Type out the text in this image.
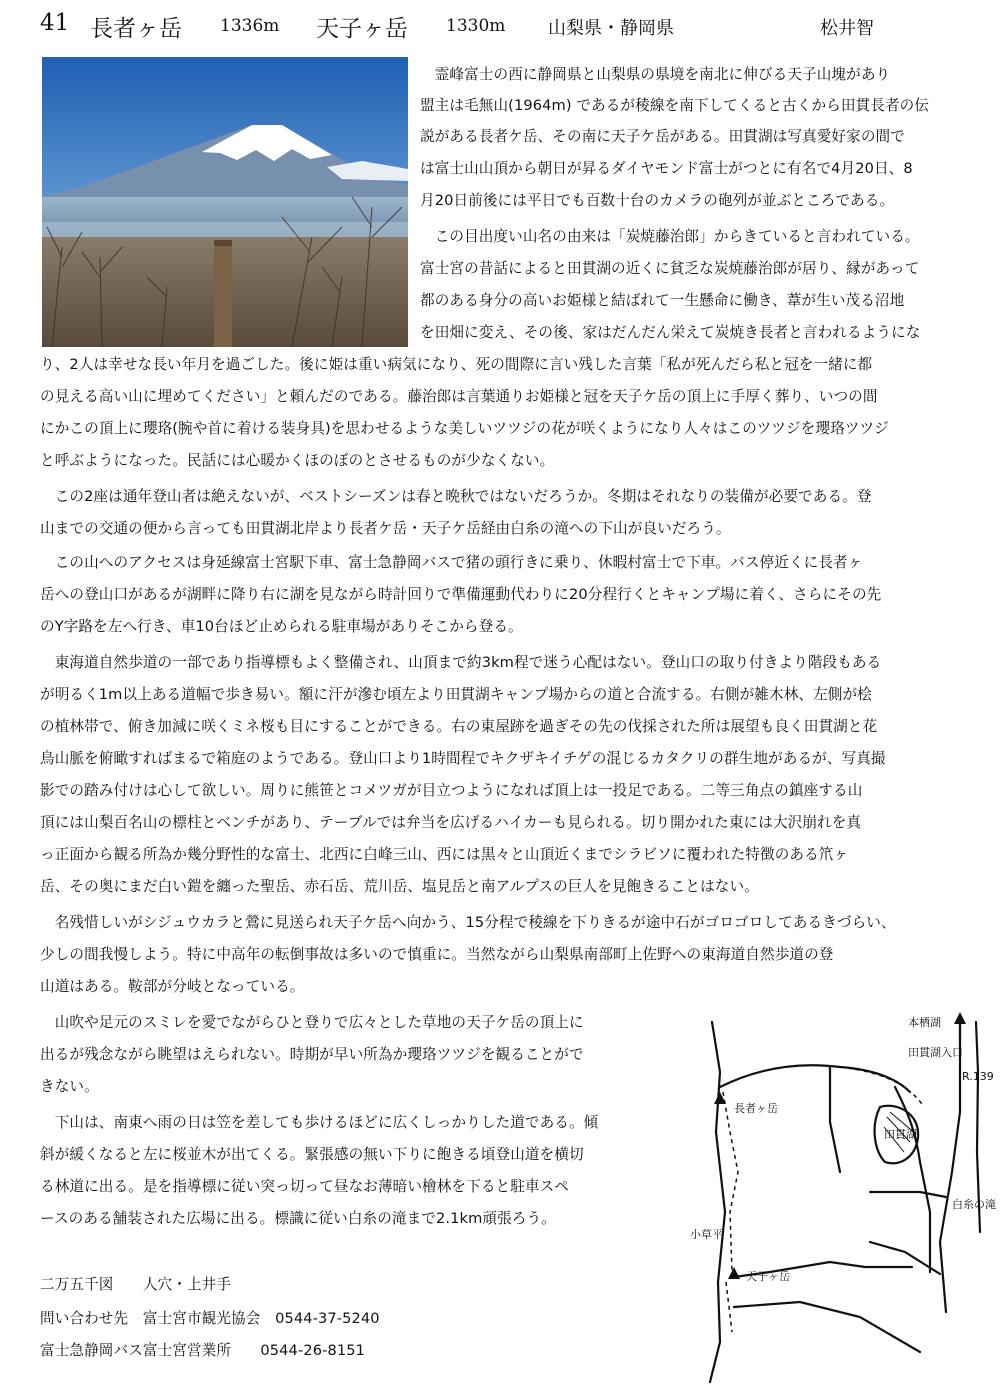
41 長者ヶ岳 1336m 天子ヶ岳 1330m 山梨県・静岡県	松井智
　霊峰富士の西に静岡県と山梨県の県境を南北に伸びる天子山塊があり
盟主は毛無山(1964m) であるが稜線を南下してくると古くから田貫長者の伝
説がある長者ケ岳、その南に天子ケ岳がある。田貫湖は写真愛好家の間で
は富士山山頂から朝日が昇るダイヤモンド富士がつとに有名で4月20日、8
月20日前後には平日でも百数十台のカメラの砲列が並ぶところである。
　この目出度い山名の由来は「炭焼藤治郎」からきていると言われている。
富士宮の昔話によると田貫湖の近くに貧乏な炭焼藤治郎が居り、縁があって
都のある身分の高いお姫様と結ばれて一生懸命に働き、葦が生い茂る沼地
を田畑に変え、その後、家はだんだん栄えて炭焼き長者と言われるようにな
り、2人は幸せな長い年月を過ごした。後に姫は重い病気になり、死の間際に言い残した言葉「私が死んだら私と冠を一緒に都
の見える高い山に埋めてください」と頼んだのである。藤治郎は言葉通りお姫様と冠を天子ケ岳の頂上に手厚く葬り、いつの間
にかこの頂上に瓔珞(腕や首に着ける装身具)を思わせるような美しいツツジの花が咲くようになり人々はこのツツジを瓔珞ツツジ
と呼ぶようになった。民話には心暖かくほのぼのとさせるものが少なくない。
　この2座は通年登山者は絶えないが、ベストシーズンは春と晩秋ではないだろうか。冬期はそれなりの装備が必要である。登
山までの交通の便から言っても田貫湖北岸より長者ケ岳・天子ケ岳経由白糸の滝への下山が良いだろう。
　この山へのアクセスは身延線富士宮駅下車、富士急静岡バスで猪の頭行きに乗り、休暇村富士で下車。バス停近くに長者ヶ
岳への登山口があるが湖畔に降り右に湖を見ながら時計回りで準備運動代わりに20分程行くとキャンプ場に着く、さらにその先
のY字路を左へ行き、車10台ほど止められる駐車場がありそこから登る。
　東海道自然歩道の一部であり指導標もよく整備され、山頂まで約3km程で迷う心配はない。登山口の取り付きより階段もある
が明るく1m以上ある道幅で歩き易い。額に汗が滲む頃左より田貫湖キャンプ場からの道と合流する。右側が雑木林、左側が桧
の植林帯で、俯き加減に咲くミネ桜も目にすることができる。右の東屋跡を過ぎその先の伐採された所は展望も良く田貫湖と花
鳥山脈を俯瞰すればまるで箱庭のようである。登山口より1時間程でキクザキイチゲの混じるカタクリの群生地があるが、写真撮
影での踏み付けは心して欲しい。周りに熊笹とコメツガが目立つようになれば頂上は一投足である。二等三角点の鎮座する山
頂には山梨百名山の標柱とベンチがあり、テーブルでは弁当を広げるハイカーも見られる。切り開かれた東には大沢崩れを真
っ正面から観る所為か幾分野性的な富士、北西に白峰三山、西には黒々と山頂近くまでシラビソに覆われた特徴のある笊ヶ
岳、その奥にまだ白い鎧を纏った聖岳、赤石岳、荒川岳、塩見岳と南アルプスの巨人を見飽きることはない。
　名残惜しいがシジュウカラと鶯に見送られ天子ケ岳へ向かう、15分程で稜線を下りきるが途中石がゴロゴロしてあるきづらい、
少しの間我慢しよう。特に中高年の転倒事故は多いので慎重に。当然ながら山梨県南部町上佐野への東海道自然歩道の登
山道はある。鞍部が分岐となっている。
　山吹や足元のスミレを愛でながらひと登りで広々とした草地の天子ケ岳の頂上に
出るが残念ながら眺望はえられない。時期が早い所為か瓔珞ツツジを観ることがで
きない。
　下山は、南東へ雨の日は笠を差しても歩けるほどに広くしっかりした道である。傾
斜が緩くなると左に桜並木が出てくる。緊張感の無い下りに飽きる頃登山道を横切
る林道に出る。是を指導標に従い突っ切って昼なお薄暗い檜林を下ると駐車スペ
ースのある舗装された広場に出る。標識に従い白糸の滝まで2.1km頑張ろう。
二万五千図　　人穴・上井手
問い合わせ先　富士宮市観光協会　0544-37-5240
富士急静岡バス富士宮営業所　　0544-26-8151
本栖湖
田貫湖入口
R.139
長者ヶ岳
田貫湖
白糸の滝
小草平
天子ヶ岳
